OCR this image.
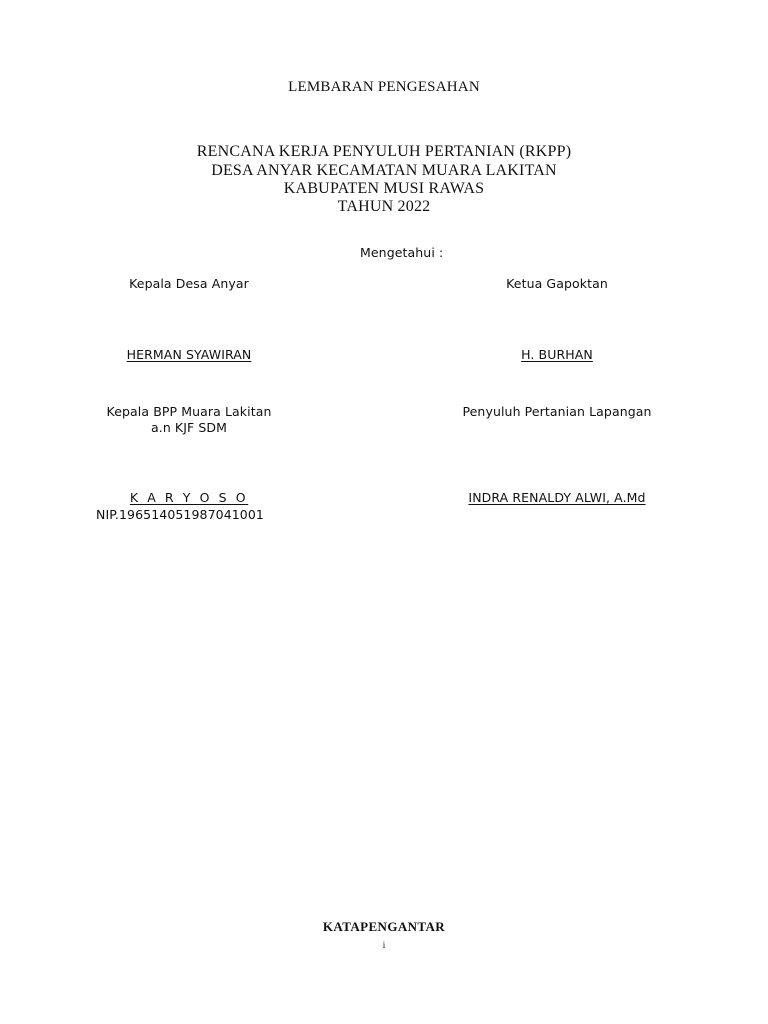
LEMBARAN PENGESAHAN
RENCANA KERJA PENYULUH PERTANIAN (RKPP)
DESA ANYAR KECAMATAN MUARA LAKITAN
KABUPATEN MUSI RAWAS
TAHUN 2022
Mengetahui :
Kepala Desa Anyar	Ketua Gapoktan
HERMAN SYAWIRAN	H. BURHAN
Kepala BPP Muara Lakitan
a.n KJF SDM
Penyuluh Pertanian Lapangan
K A R Y O S O
NIP.196514051987041001
INDRA RENALDY ALWI, A.Md
KATAPENGANTAR
i
